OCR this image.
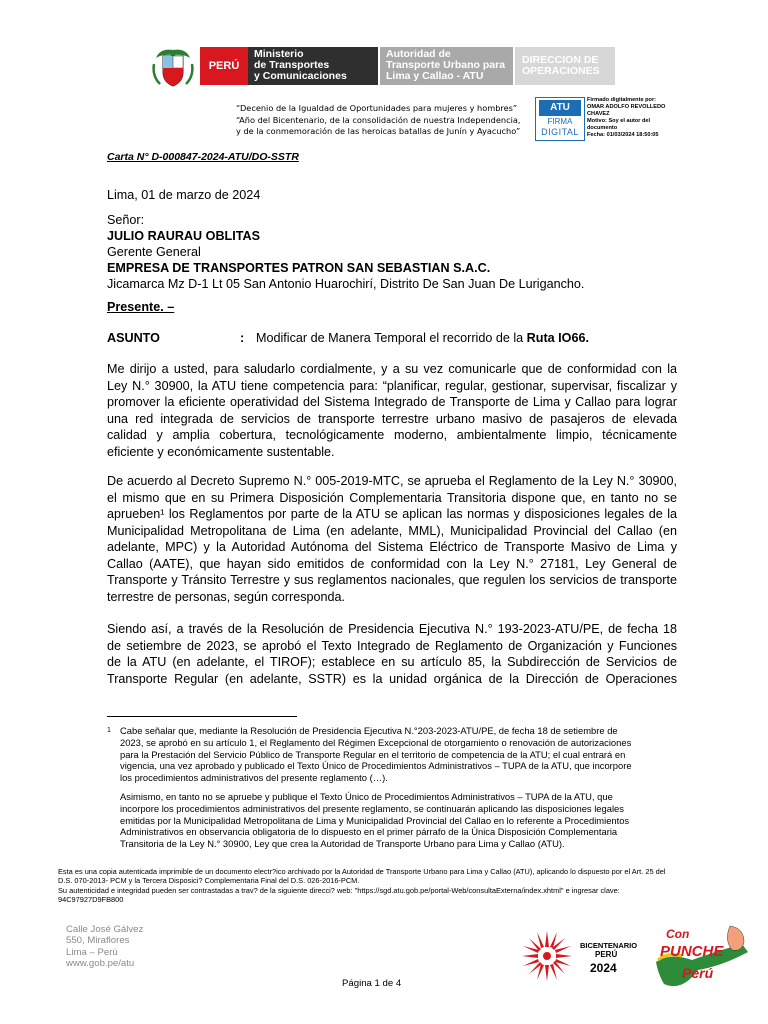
PERÚ
Ministerio
de Transportes
y Comunicaciones
Autoridad de
Transporte Urbano para
Lima y Callao - ATU
DIRECCION DE
OPERACIONES
“Decenio de la Igualdad de Oportunidades para mujeres y hombres”
“Año del Bicentenario, de la consolidación de nuestra Independencia,
y de la conmemoración de las heroicas batallas de Junín y Ayacucho”
ATU
FIRMA
DIGITAL
Firmado digitalmente por:
OMAR ADOLFO REVOLLEDO
CHAVEZ
Motivo: Soy el autor del
documento
Fecha: 01/03/2024 18:50:05
Carta N° D-000847-2024-ATU/DO-SSTR
Lima, 01 de marzo de 2024
Señor:
JULIO RAURAU OBLITAS
Gerente General
EMPRESA DE TRANSPORTES PATRON SAN SEBASTIAN S.A.C.
Jicamarca Mz D-1 Lt 05 San Antonio Huarochirí, Distrito De San Juan De Lurigancho.
Presente. –
ASUNTO	: Modificar de Manera Temporal el recorrido de la Ruta IO66.
Me dirijo a usted, para saludarlo cordialmente, y a su vez comunicarle que de conformidad con la
Ley N.° 30900, la ATU tiene competencia para: “planificar, regular, gestionar, supervisar, fiscalizar y
promover la eficiente operatividad del Sistema Integrado de Transporte de Lima y Callao para lograr
una red integrada de servicios de transporte terrestre urbano masivo de pasajeros de elevada
calidad y amplia cobertura, tecnológicamente moderno, ambientalmente limpio, técnicamente
eficiente y económicamente sustentable.
De acuerdo al Decreto Supremo N.° 005-2019-MTC, se aprueba el Reglamento de la Ley N.° 30900,
el mismo que en su Primera Disposición Complementaria Transitoria dispone que, en tanto no se
aprueben¹ los Reglamentos por parte de la ATU se aplican las normas y disposiciones legales de la
Municipalidad Metropolitana de Lima (en adelante, MML), Municipalidad Provincial del Callao (en
adelante, MPC) y la Autoridad Autónoma del Sistema Eléctrico de Transporte Masivo de Lima y
Callao (AATE), que hayan sido emitidos de conformidad con la Ley N.° 27181, Ley General de
Transporte y Tránsito Terrestre y sus reglamentos nacionales, que regulen los servicios de transporte
terrestre de personas, según corresponda.
Siendo así, a través de la Resolución de Presidencia Ejecutiva N.° 193-2023-ATU/PE, de fecha 18
de setiembre de 2023, se aprobó el Texto Integrado de Reglamento de Organización y Funciones
de la ATU (en adelante, el TIROF); establece en su artículo 85, la Subdirección de Servicios de
Transporte Regular (en adelante, SSTR) es la unidad orgánica de la Dirección de Operaciones
1 Cabe señalar que, mediante la Resolución de Presidencia Ejecutiva N.°203-2023-ATU/PE, de fecha 18 de setiembre de
2023, se aprobó en su artículo 1, el Reglamento del Régimen Excepcional de otorgamiento o renovación de autorizaciones
para la Prestación del Servicio Público de Transporte Regular en el territorio de competencia de la ATU; el cual entrará en
vigencia, una vez aprobado y publicado el Texto Único de Procedimientos Administrativos – TUPA de la ATU, que incorpore
los procedimientos administrativos del presente reglamento (…).
Asimismo, en tanto no se apruebe y publique el Texto Único de Procedimientos Administrativos – TUPA de la ATU, que
incorpore los procedimientos administrativos del presente reglamento, se continuarán aplicando las disposiciones legales
emitidas por la Municipalidad Metropolitana de Lima y Municipalidad Provincial del Callao en lo referente a Procedimientos
Administrativos en observancia obligatoria de lo dispuesto en el primer párrafo de la Única Disposición Complementaria
Transitoria de la Ley N.° 30900, Ley que crea la Autoridad de Transporte Urbano para Lima y Callao (ATU).
Esta es una copia autenticada imprimible de un documento electr?ico archivado por la Autoridad de Transporte Urbano para Lima y Callao (ATU), aplicando lo dispuesto por el Art. 25 del
D.S. 070-2013- PCM y la Tercera Disposici? Complementaria Final del D.S. 026-2016-PCM.
Su autenticidad e integridad pueden ser contrastadas a trav? de la siguiente direcci? web: "https://sgd.atu.gob.pe/portal-Web/consultaExterna/index.xhtml" e ingresar clave:
94C97927D9FB800
Calle José Gálvez
550, Miraflores
Lima – Perú
www.gob.pe/atu
BICENTENARIO
PERÚ
2024
Con
PUNCHE
Perú
Página 1 de 4
